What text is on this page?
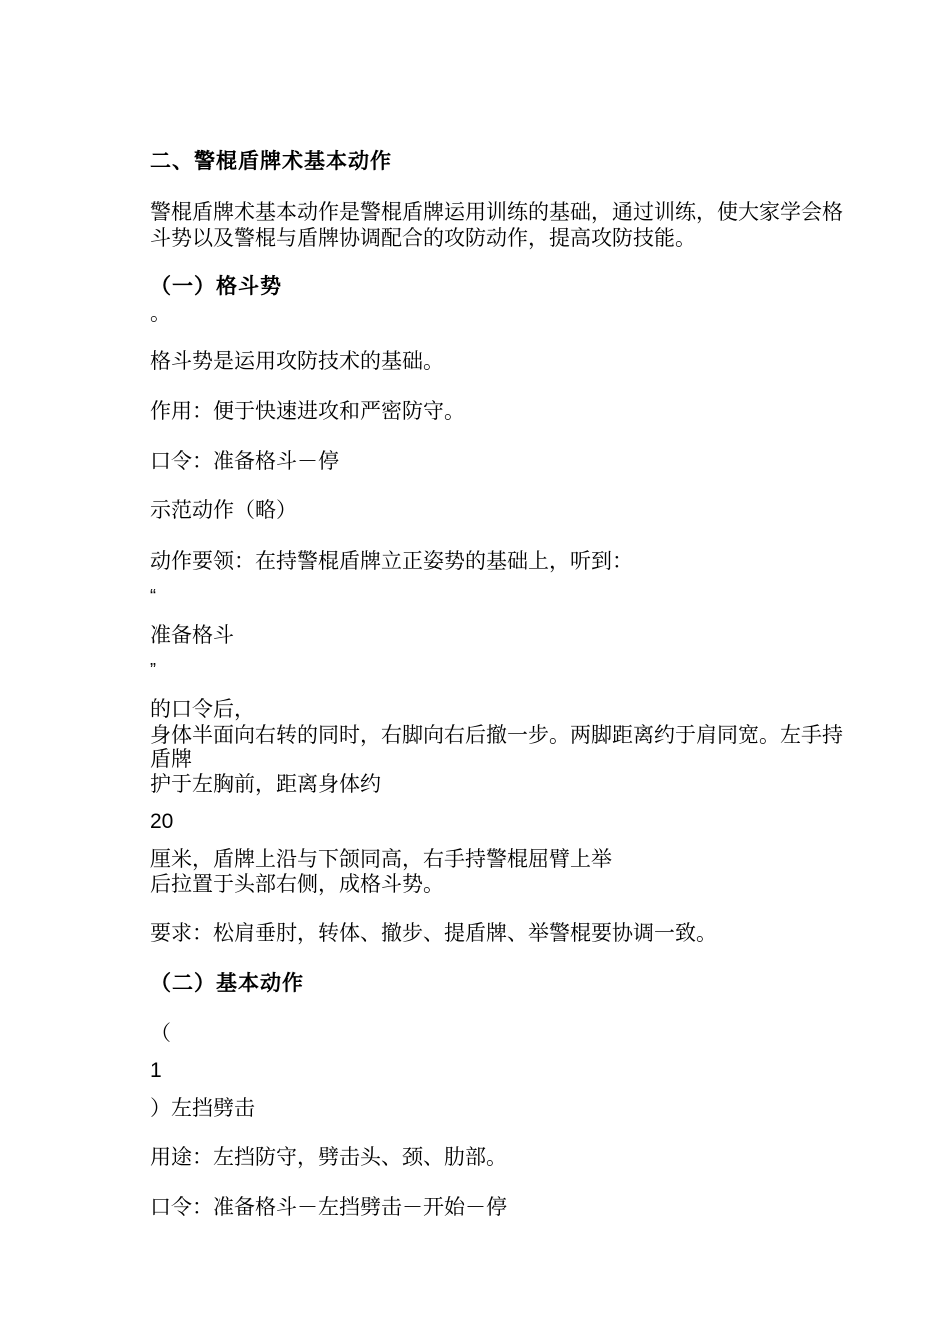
二、警棍盾牌术基本动作
警棍盾牌术基本动作是警棍盾牌运用训练的基础，通过训练，使大家学会格
斗势以及警棍与盾牌协调配合的攻防动作，提高攻防技能。
（一）格斗势
。
格斗势是运用攻防技术的基础。
作用：便于快速进攻和严密防守。
口令：准备格斗－停
示范动作（略）
动作要领：在持警棍盾牌立正姿势的基础上，听到：
“
准备格斗
”
的口令后，
身体半面向右转的同时，右脚向右后撤一步。两脚距离约于肩同宽。左手持
盾牌
护于左胸前，距离身体约
20
厘米，盾牌上沿与下颌同高，右手持警棍屈臂上举
后拉置于头部右侧，成格斗势。
要求：松肩垂肘，转体、撤步、提盾牌、举警棍要协调一致。
（二）基本动作
（
1
）左挡劈击
用途：左挡防守，劈击头、颈、肋部。
口令：准备格斗－左挡劈击－开始－停
